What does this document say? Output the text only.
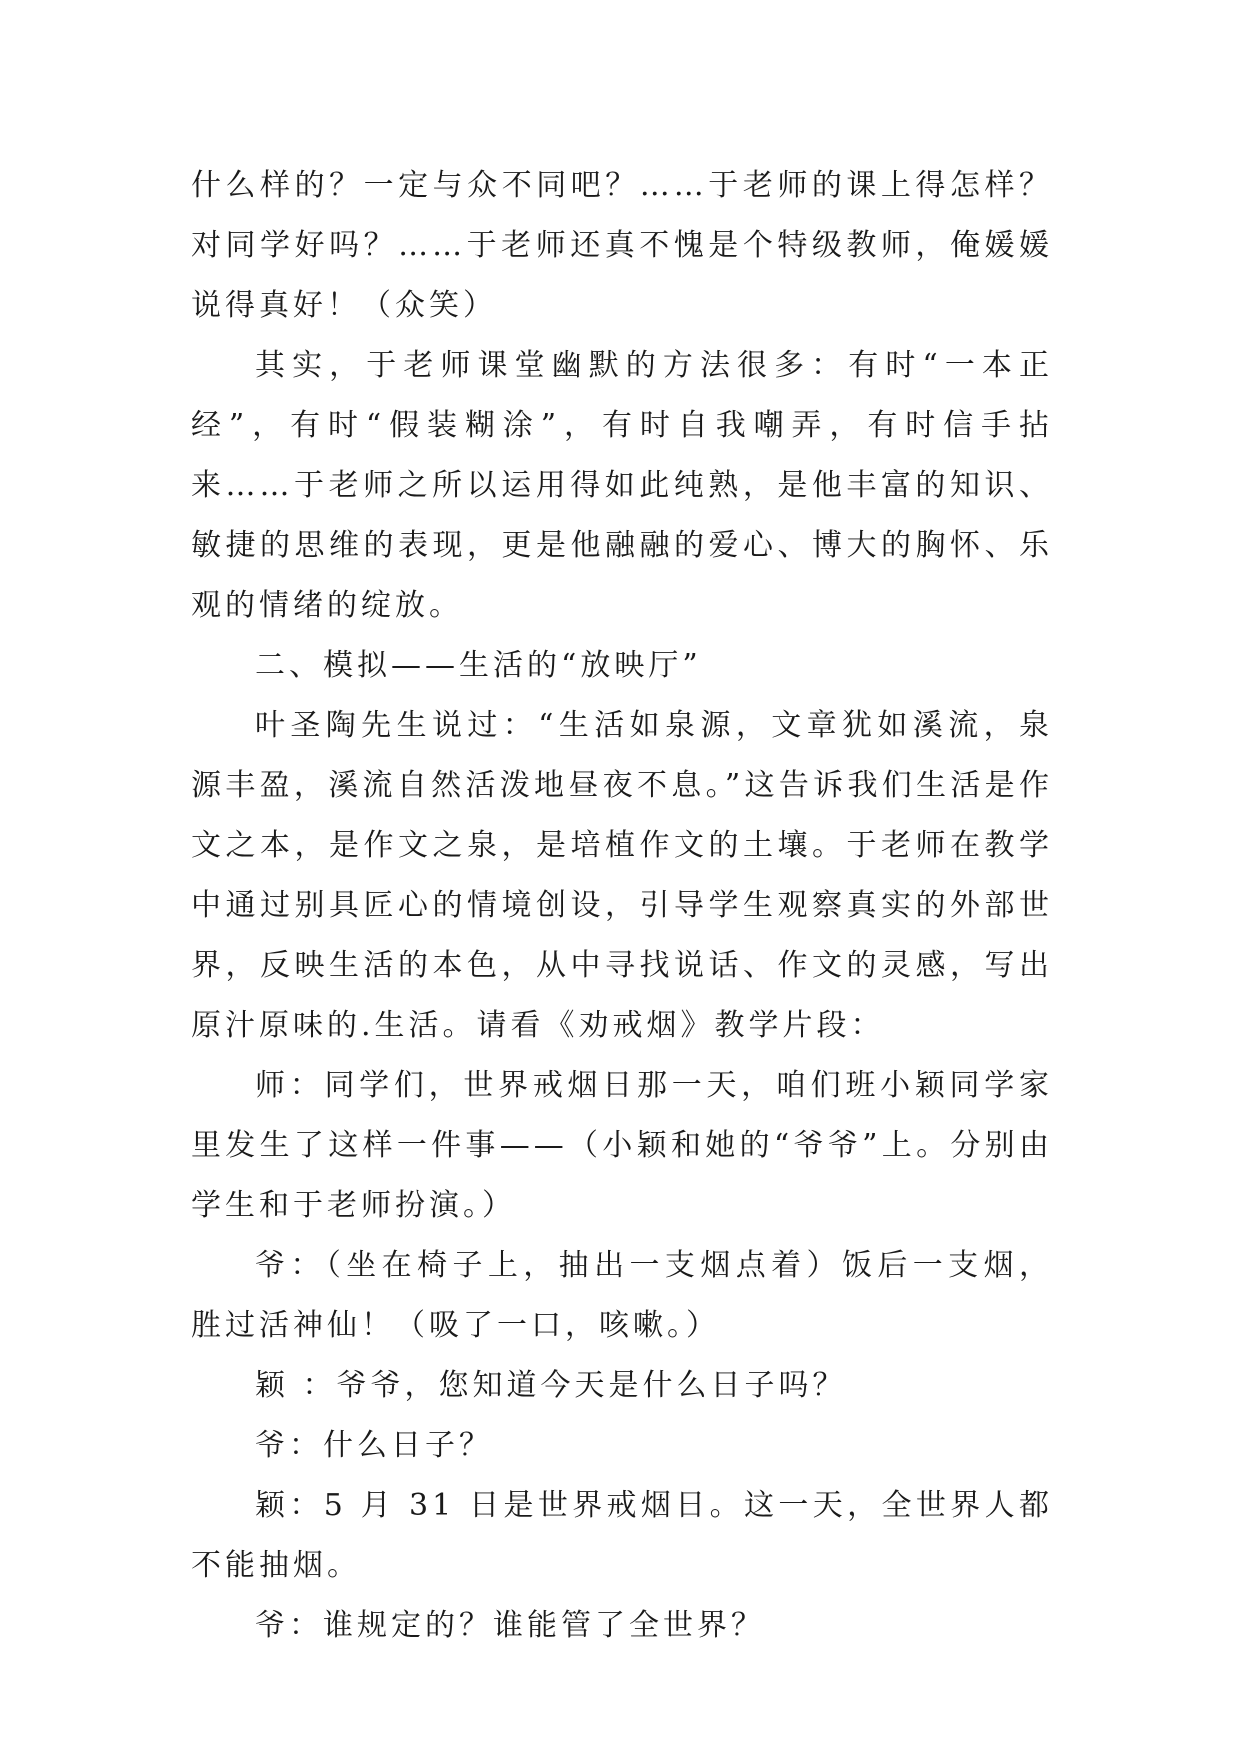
什么样的？一定与众不同吧？……于老师的课上得怎样？对同学好吗？……于老师还真不愧是个特级教师，俺媛媛说得真好！（众笑）

其实，于老师课堂幽默的方法很多：有时“一本正经”，有时“假装糊涂”，有时自我嘲弄，有时信手拈来……于老师之所以运用得如此纯熟，是他丰富的知识、敏捷的思维的表现，更是他融融的爱心、博大的胸怀、乐观的情绪的绽放。

二、模拟——生活的“放映厅”

叶圣陶先生说过：“生活如泉源，文章犹如溪流，泉源丰盈，溪流自然活泼地昼夜不息。”这告诉我们生活是作文之本，是作文之泉，是培植作文的土壤。于老师在教学中通过别具匠心的情境创设，引导学生观察真实的外部世界，反映生活的本色，从中寻找说话、作文的灵感，写出原汁原味的.生活。请看《劝戒烟》教学片段：

师：同学们，世界戒烟日那一天，咱们班小颖同学家里发生了这样一件事——（小颖和她的“爷爷”上。分别由学生和于老师扮演。）

爷：（坐在椅子上，抽出一支烟点着）饭后一支烟，胜过活神仙！（吸了一口，咳嗽。）

颖 ：爷爷，您知道今天是什么日子吗？

爷：什么日子？

颖：5 月 31 日是世界戒烟日。这一天，全世界人都不能抽烟。

爷：谁规定的？谁能管了全世界？
